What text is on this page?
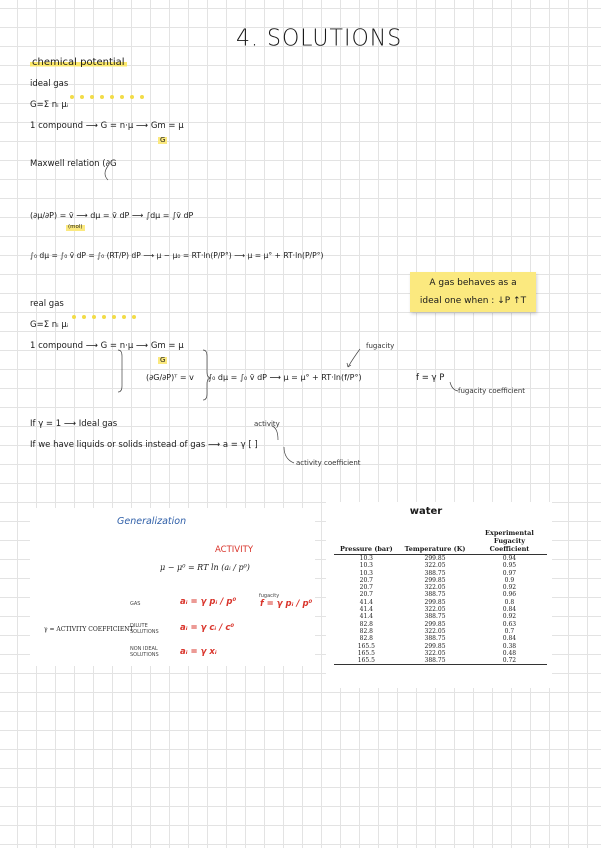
4. SOLUTIONS
chemical potential
ideal gas
G=Σ nᵢ μᵢ
1 compound ⟶ G = n·μ ⟶ Gm = μ
G
Maxwell relation (∂G
(∂μ/∂P) = v̄ ⟶ dμ = v̄ dP ⟶ ∫dμ = ∫v̄ dP
(mol)
∫₀ dμ = ∫₀ v̄ dP = ∫₀ (RT/P) dP ⟶ μ − μ₀ = RT·ln(P/P°) ⟶ μ = μ° + RT·ln(P/P°)
A gas behaves as a
ideal one when : ↓P ↑T
real gas
G=Σ nᵢ μᵢ
1 compound ⟶ G = n·μ ⟶ Gm = μ
G
(∂G/∂P)ᵀ = v ∫₀ dμ = ∫₀ v̄ dP ⟶ μ = μ° + RT·ln(f/P°)
fugacity
f = γ P
fugacity coefficient
If γ = 1 ⟶ Ideal gas
If we have liquids or solids instead of gas ⟶ a = γ [ ]
activity
activity coefficient
Generalization
ACTIVITY
μ − μ⁰ = RT ln (aᵢ / p⁰)
GAS	aᵢ = γ pᵢ / p⁰
fugacity
f = γ pᵢ / p⁰
DILUTE
SOLUTIONS	aᵢ = γ cᵢ / c⁰
γ = ACTIVITY COEFFICIENT
NON IDEAL
SOLUTIONS	aᵢ = γ xᵢ
water
Pressure (bar)	Temperature (K)	Experimental Fugacity Coefficient
10.3	299.85	0.94
10.3	322.05	0.95
10.3	388.75	0.97
20.7	299.85	0.9
20.7	322.05	0.92
20.7	388.75	0.96
41.4	299.85	0.8
41.4	322.05	0.84
41.4	388.75	0.92
82.8	299.85	0.63
82.8	322.05	0.7
82.8	388.75	0.84
165.5	299.85	0.38
165.5	322.05	0.48
165.5	388.75	0.72
